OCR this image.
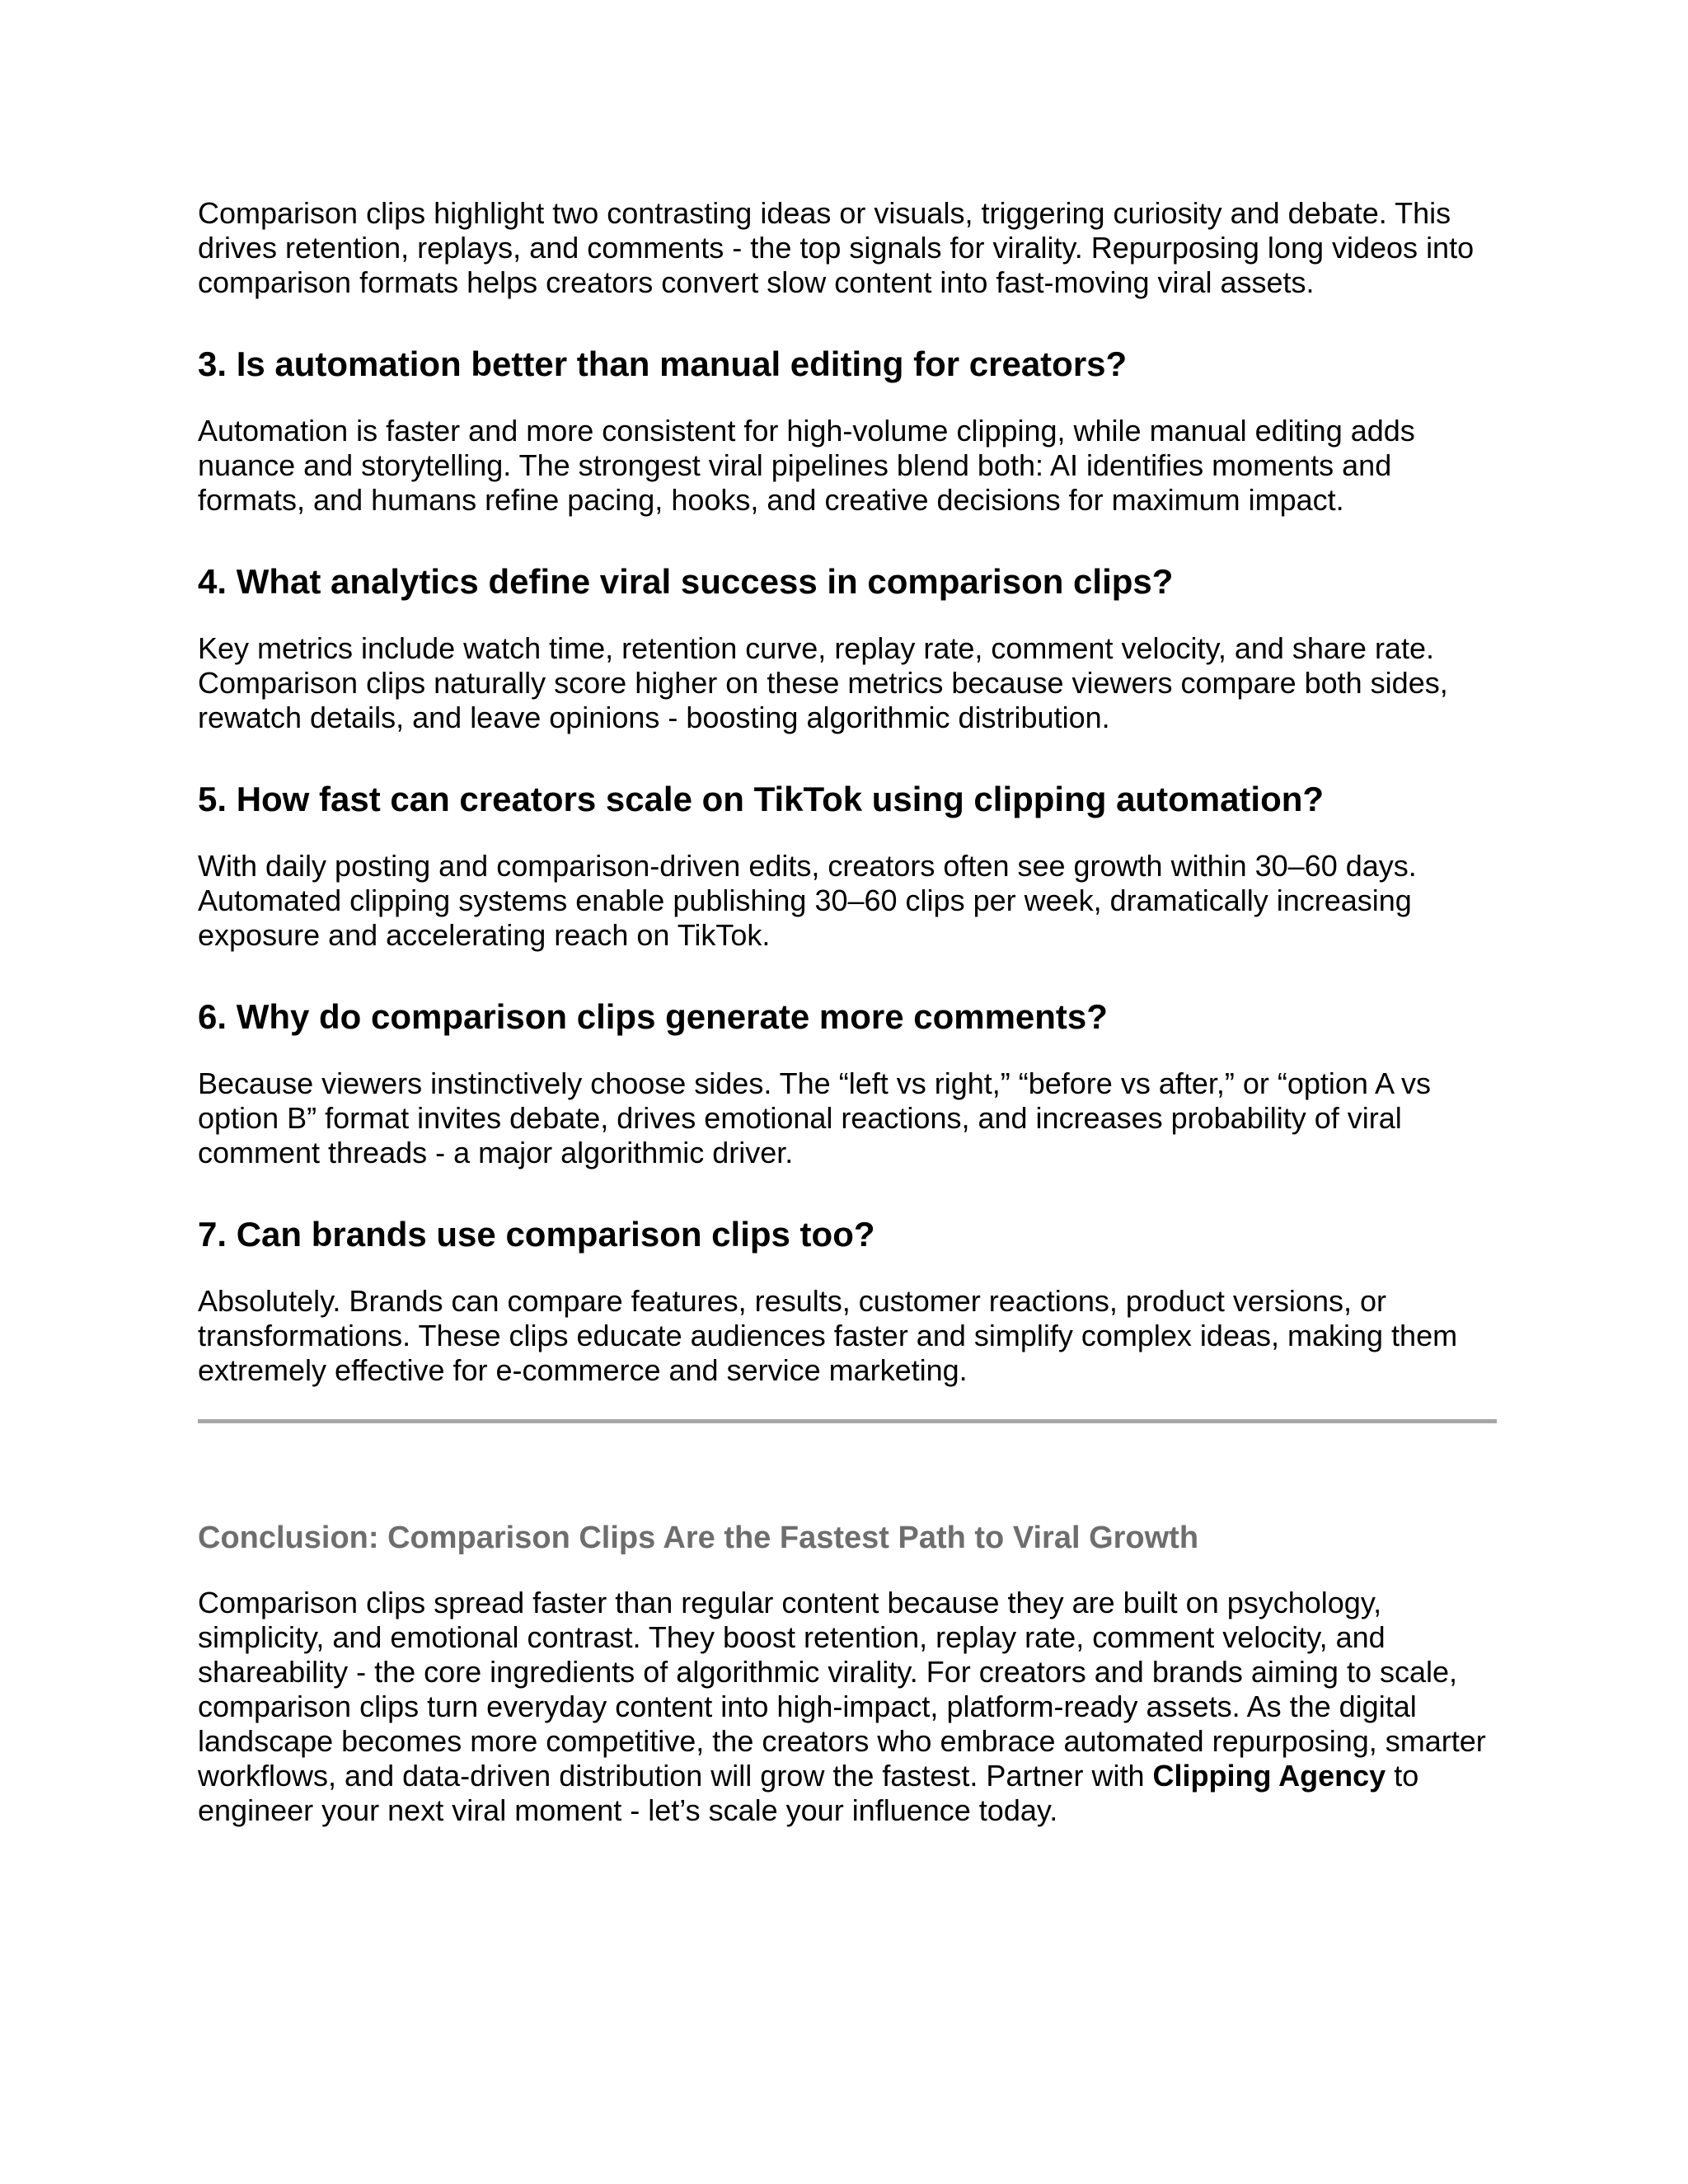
Comparison clips highlight two contrasting ideas or visuals, triggering curiosity and debate. This drives retention, replays, and comments - the top signals for virality. Repurposing long videos into comparison formats helps creators convert slow content into fast-moving viral assets.

3. Is automation better than manual editing for creators?

Automation is faster and more consistent for high-volume clipping, while manual editing adds nuance and storytelling. The strongest viral pipelines blend both: AI identifies moments and formats, and humans refine pacing, hooks, and creative decisions for maximum impact.

4. What analytics define viral success in comparison clips?

Key metrics include watch time, retention curve, replay rate, comment velocity, and share rate. Comparison clips naturally score higher on these metrics because viewers compare both sides, rewatch details, and leave opinions - boosting algorithmic distribution.

5. How fast can creators scale on TikTok using clipping automation?

With daily posting and comparison-driven edits, creators often see growth within 30–60 days. Automated clipping systems enable publishing 30–60 clips per week, dramatically increasing exposure and accelerating reach on TikTok.

6. Why do comparison clips generate more comments?

Because viewers instinctively choose sides. The “left vs right,” “before vs after,” or “option A vs option B” format invites debate, drives emotional reactions, and increases probability of viral comment threads - a major algorithmic driver.

7. Can brands use comparison clips too?

Absolutely. Brands can compare features, results, customer reactions, product versions, or transformations. These clips educate audiences faster and simplify complex ideas, making them extremely effective for e-commerce and service marketing.

Conclusion: Comparison Clips Are the Fastest Path to Viral Growth

Comparison clips spread faster than regular content because they are built on psychology, simplicity, and emotional contrast. They boost retention, replay rate, comment velocity, and shareability - the core ingredients of algorithmic virality. For creators and brands aiming to scale, comparison clips turn everyday content into high-impact, platform-ready assets. As the digital landscape becomes more competitive, the creators who embrace automated repurposing, smarter workflows, and data-driven distribution will grow the fastest. Partner with Clipping Agency to engineer your next viral moment - let’s scale your influence today.
